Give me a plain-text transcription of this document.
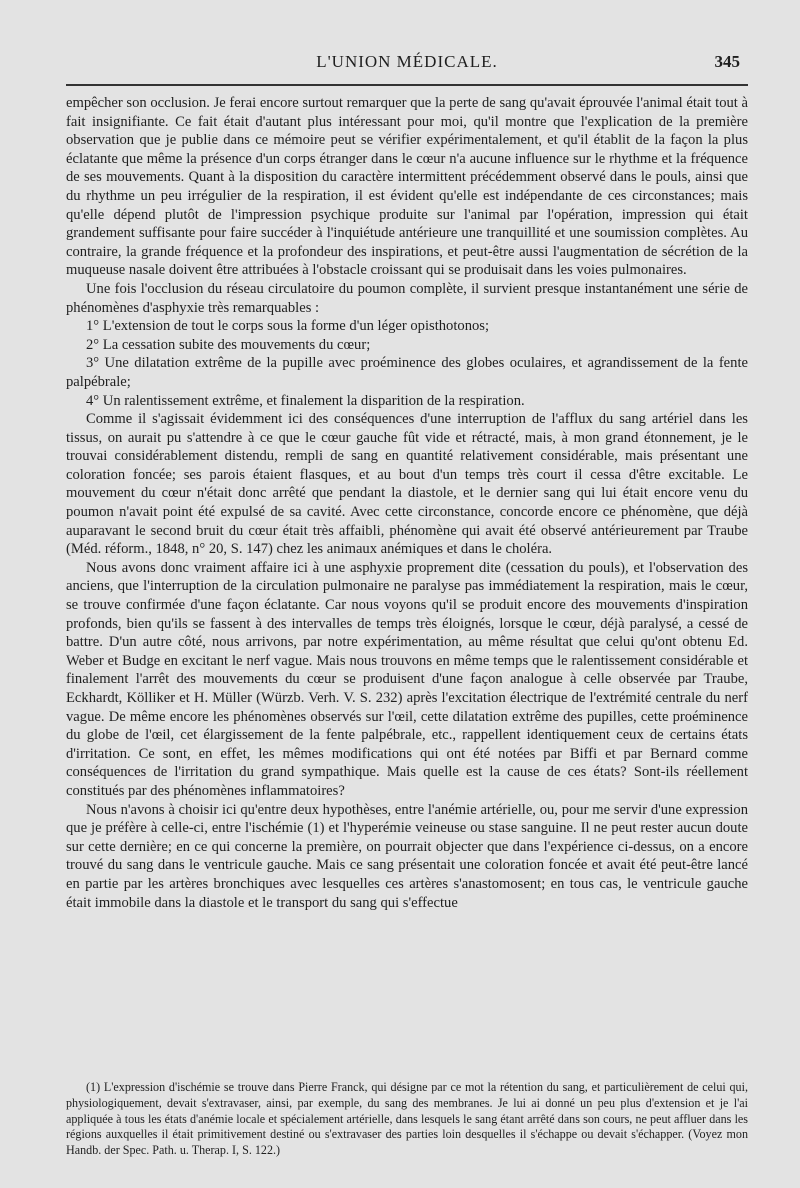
L'UNION MÉDICALE.	345

empêcher son occlusion. Je ferai encore surtout remarquer que la perte de sang qu'avait éprouvée l'animal était tout à fait insignifiante. Ce fait était d'autant plus intéressant pour moi, qu'il montre que l'explication de la première observation que je publie dans ce mémoire peut se vérifier expérimentalement, et qu'il établit de la façon la plus éclatante que même la présence d'un corps étranger dans le cœur n'a aucune influence sur le rhythme et la fréquence de ses mouvements. Quant à la disposition du caractère intermittent précédemment observé dans le pouls, ainsi que du rhythme un peu irrégulier de la respiration, il est évident qu'elle est indépendante de ces circonstances; mais qu'elle dépend plutôt de l'impression psychique produite sur l'animal par l'opération, impression qui était grandement suffisante pour faire succéder à l'inquiétude antérieure une tranquillité et une soumission complètes. Au contraire, la grande fréquence et la profondeur des inspirations, et peut-être aussi l'augmentation de sécrétion de la muqueuse nasale doivent être attribuées à l'obstacle croissant qui se produisait dans les voies pulmonaires.

Une fois l'occlusion du réseau circulatoire du poumon complète, il survient presque instantanément une série de phénomènes d'asphyxie très remarquables :

1° L'extension de tout le corps sous la forme d'un léger opisthotonos;

2° La cessation subite des mouvements du cœur;

3° Une dilatation extrême de la pupille avec proéminence des globes oculaires, et agrandissement de la fente palpébrale;

4° Un ralentissement extrême, et finalement la disparition de la respiration.

Comme il s'agissait évidemment ici des conséquences d'une interruption de l'afflux du sang artériel dans les tissus, on aurait pu s'attendre à ce que le cœur gauche fût vide et rétracté, mais, à mon grand étonnement, je le trouvai considérablement distendu, rempli de sang en quantité relativement considérable, mais présentant une coloration foncée; ses parois étaient flasques, et au bout d'un temps très court il cessa d'être excitable. Le mouvement du cœur n'était donc arrêté que pendant la diastole, et le dernier sang qui lui était encore venu du poumon n'avait point été expulsé de sa cavité. Avec cette circonstance, concorde encore ce phénomène, que déjà auparavant le second bruit du cœur était très affaibli, phénomène qui avait été observé antérieurement par Traube (Méd. réform., 1848, n° 20, S. 147) chez les animaux anémiques et dans le choléra.

Nous avons donc vraiment affaire ici à une asphyxie proprement dite (cessation du pouls), et l'observation des anciens, que l'interruption de la circulation pulmonaire ne paralyse pas immédiatement la respiration, mais le cœur, se trouve confirmée d'une façon éclatante. Car nous voyons qu'il se produit encore des mouvements d'inspiration profonds, bien qu'ils se fassent à des intervalles de temps très éloignés, lorsque le cœur, déjà paralysé, a cessé de battre. D'un autre côté, nous arrivons, par notre expérimentation, au même résultat que celui qu'ont obtenu Ed. Weber et Budge en excitant le nerf vague. Mais nous trouvons en même temps que le ralentissement considérable et finalement l'arrêt des mouvements du cœur se produisent d'une façon analogue à celle observée par Traube, Eckhardt, Kölliker et H. Müller (Würzb. Verh. V. S. 232) après l'excitation électrique de l'extrémité centrale du nerf vague. De même encore les phénomènes observés sur l'œil, cette dilatation extrême des pupilles, cette proéminence du globe de l'œil, cet élargissement de la fente palpébrale, etc., rappellent identiquement ceux de certains états d'irritation. Ce sont, en effet, les mêmes modifications qui ont été notées par Biffi et par Bernard comme conséquences de l'irritation du grand sympathique. Mais quelle est la cause de ces états? Sont-ils réellement constitués par des phénomènes inflammatoires?

Nous n'avons à choisir ici qu'entre deux hypothèses, entre l'anémie artérielle, ou, pour me servir d'une expression que je préfère à celle-ci, entre l'ischémie (1) et l'hyperémie veineuse ou stase sanguine. Il ne peut rester aucun doute sur cette dernière; en ce qui concerne la première, on pourrait objecter que dans l'expérience ci-dessus, on a encore trouvé du sang dans le ventricule gauche. Mais ce sang présentait une coloration foncée et avait été peut-être lancé en partie par les artères bronchiques avec lesquelles ces artères s'anastomosent; en tous cas, le ventricule gauche était immobile dans la diastole et le transport du sang qui s'effectue

(1) L'expression d'ischémie se trouve dans Pierre Franck, qui désigne par ce mot la rétention du sang, et particulièrement de celui qui, physiologiquement, devait s'extravaser, ainsi, par exemple, du sang des membranes. Je lui ai donné un peu plus d'extension et je l'ai appliquée à tous les états d'anémie locale et spécialement artérielle, dans lesquels le sang étant arrêté dans son cours, ne peut affluer dans les régions auxquelles il était primitivement destiné ou s'extravaser des parties loin desquelles il s'échappe ou devait s'échapper. (Voyez mon Handb. der Spec. Path. u. Therap. I, S. 122.)
